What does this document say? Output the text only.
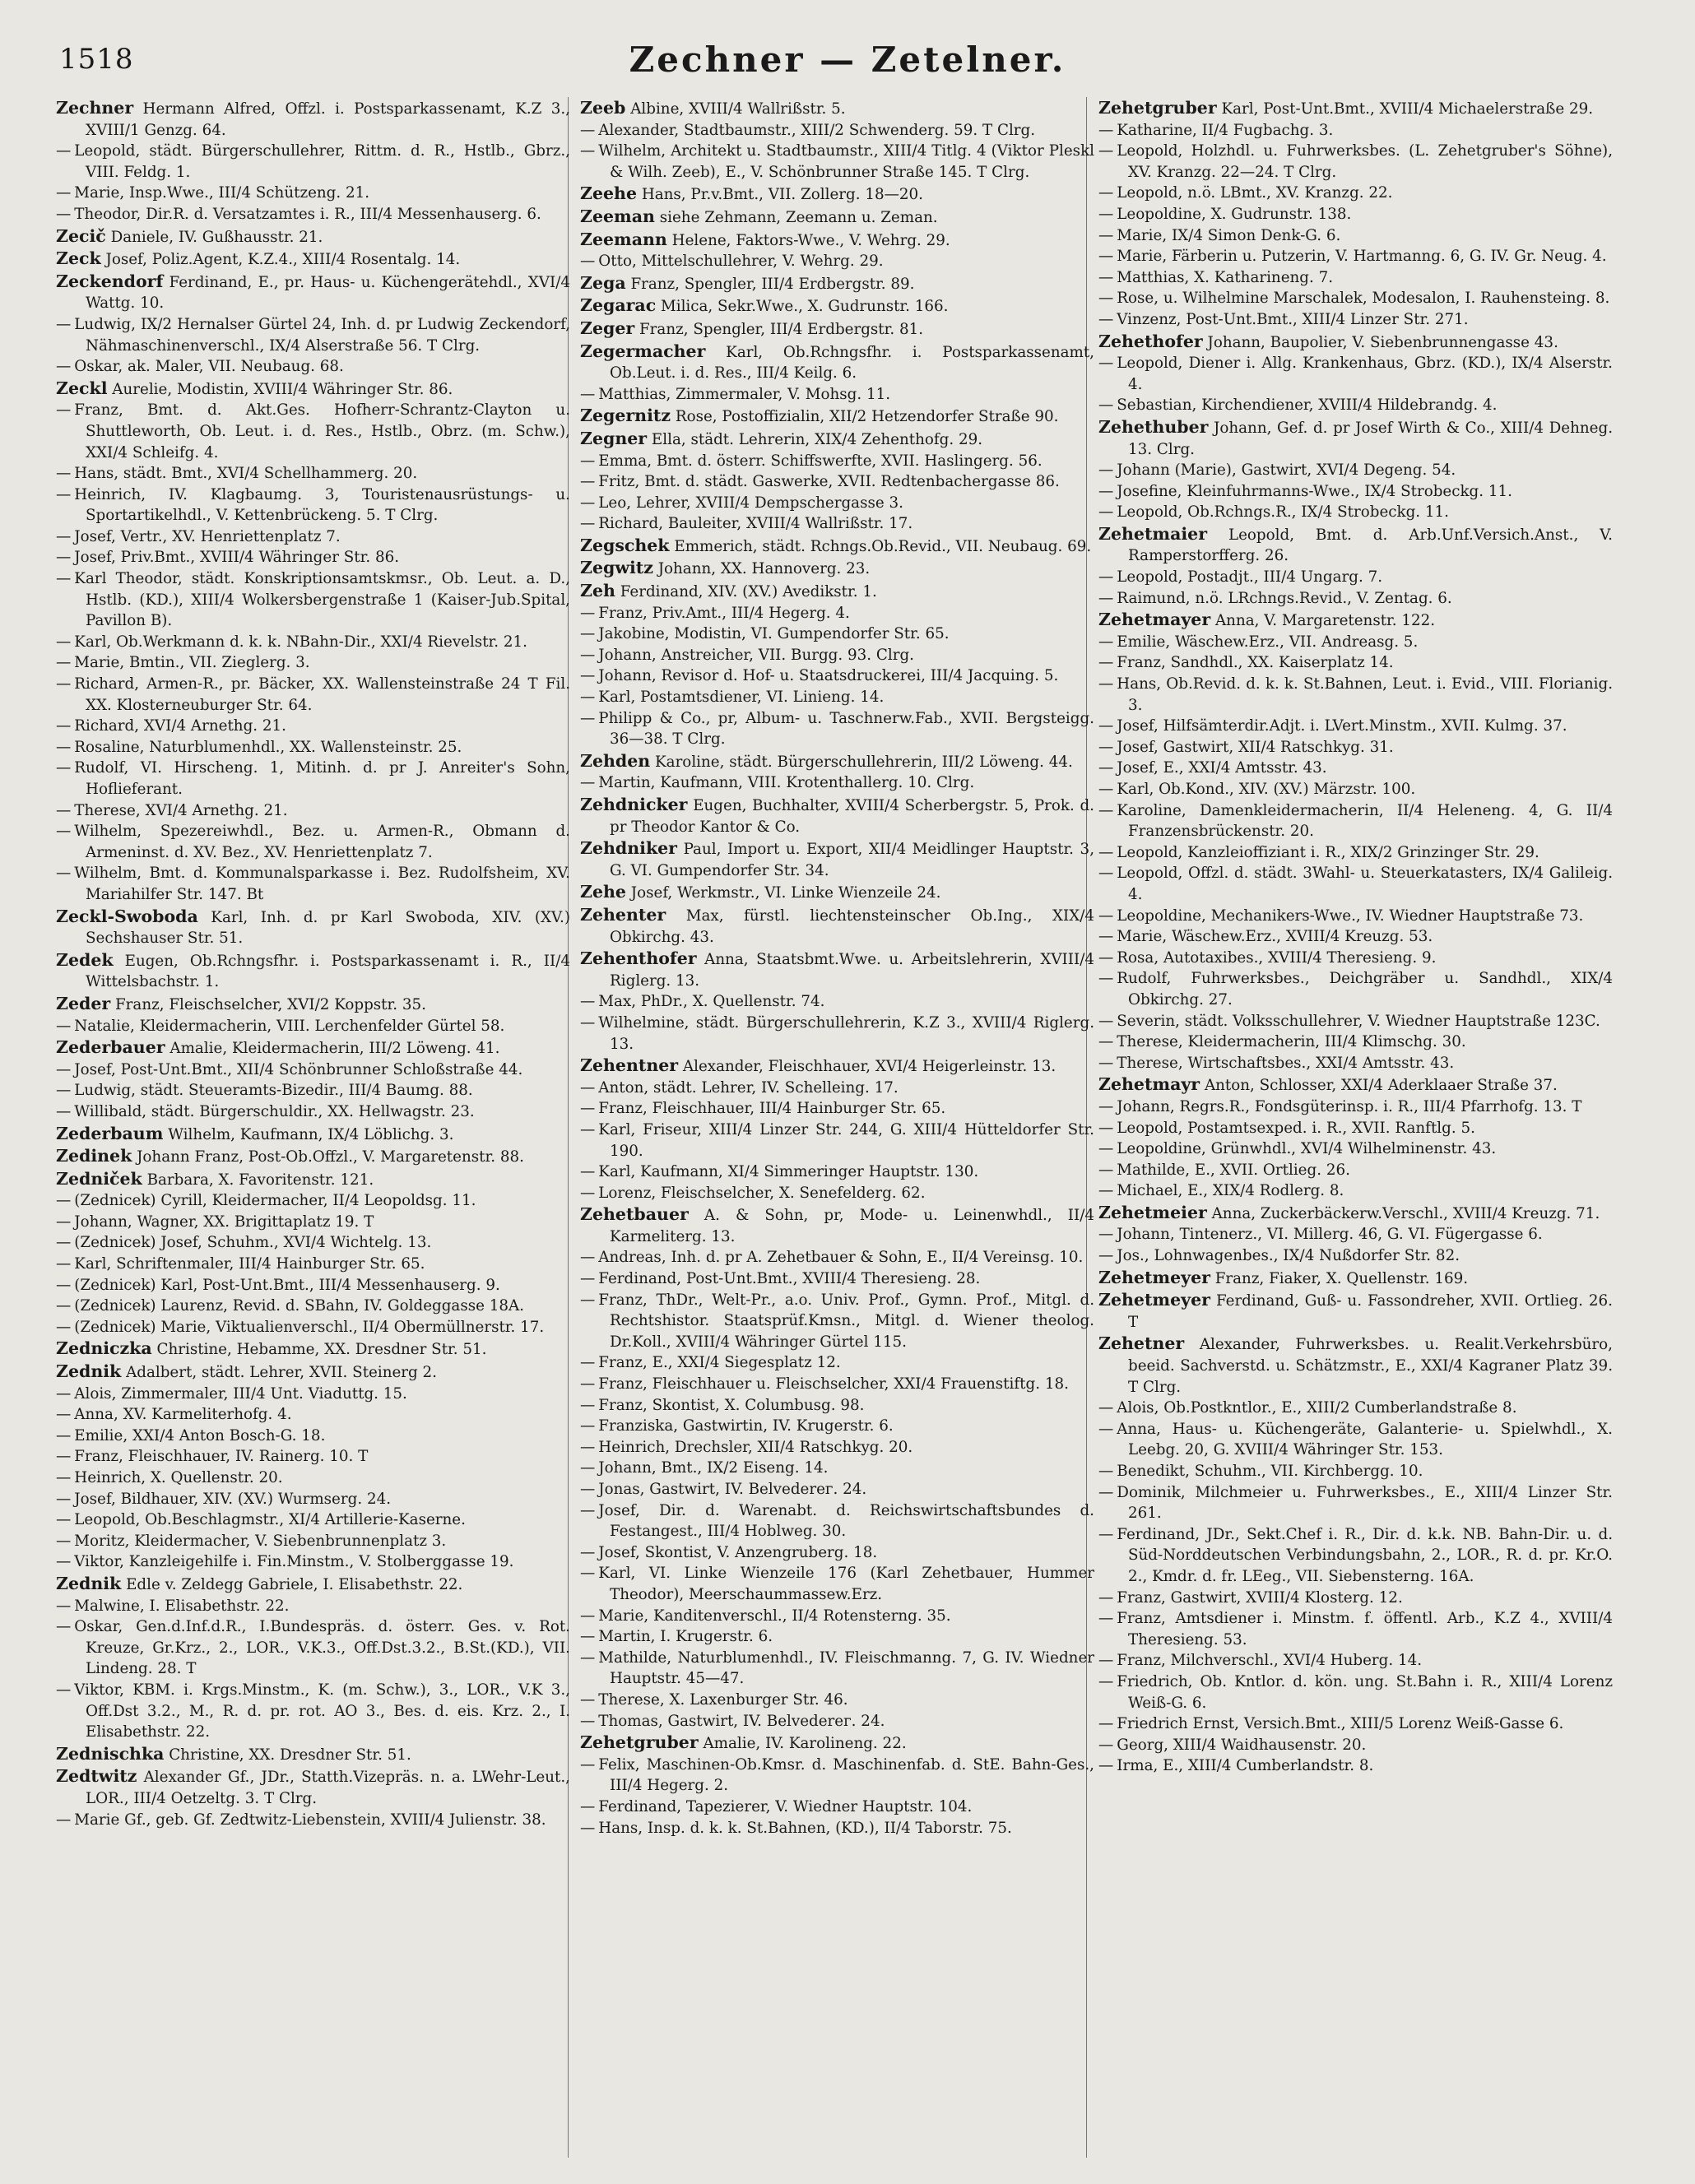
1518	Zechner — Zetelner.

Zechner Hermann Alfred, Offzl. i. Postsparkassenamt, K.Z 3., XVIII/1 Genzg. 64.

— Leopold, städt. Bürgerschullehrer, Rittm. d. R., Hstlb., Gbrz., VIII. Feldg. 1.

— Marie, Insp.Wwe., III/4 Schützeng. 21.

— Theodor, Dir.R. d. Versatzamtes i. R., III/4 Messenhauserg. 6.

Zecič Daniele, IV. Gußhausstr. 21.

Zeck Josef, Poliz.Agent, K.Z.4., XIII/4 Rosentalg. 14.

Zeckendorf Ferdinand, E., pr. Haus- u. Küchengerätehdl., XVI/4 Wattg. 10.

— Ludwig, IX/2 Hernalser Gürtel 24, Inh. d. pr Ludwig Zeckendorf, Nähmaschinenverschl., IX/4 Alserstraße 56. T Clrg.

— Oskar, ak. Maler, VII. Neubaug. 68.

Zeckl Aurelie, Modistin, XVIII/4 Währinger Str. 86.

— Franz, Bmt. d. Akt.Ges. Hofherr-Schrantz-Clayton u. Shuttleworth, Ob. Leut. i. d. Res., Hstlb., Obrz. (m. Schw.), XXI/4 Schleifg. 4.

— Hans, städt. Bmt., XVI/4 Schellhammerg. 20.

— Heinrich, IV. Klagbaumg. 3, Touristenausrüstungs- u. Sportartikelhdl., V. Kettenbrückeng. 5. T Clrg.

— Josef, Vertr., XV. Henriettenplatz 7.

— Josef, Priv.Bmt., XVIII/4 Währinger Str. 86.

— Karl Theodor, städt. Konskriptionsamtskmsr., Ob. Leut. a. D., Hstlb. (KD.), XIII/4 Wolkersbergenstraße 1 (Kaiser-Jub.Spital, Pavillon B).

— Karl, Ob.Werkmann d. k. k. NBahn-Dir., XXI/4 Rievelstr. 21.

— Marie, Bmtin., VII. Zieglerg. 3.

— Richard, Armen-R., pr. Bäcker, XX. Wallensteinstraße 24 T Fil. XX. Klosterneuburger Str. 64.

— Richard, XVI/4 Arnethg. 21.

— Rosaline, Naturblumenhdl., XX. Wallensteinstr. 25.

— Rudolf, VI. Hirscheng. 1, Mitinh. d. pr J. Anreiter's Sohn, Hoflieferant.

— Therese, XVI/4 Arnethg. 21.

— Wilhelm, Spezereiwhdl., Bez. u. Armen-R., Obmann d. Armeninst. d. XV. Bez., XV. Henriettenplatz 7.

— Wilhelm, Bmt. d. Kommunalsparkasse i. Bez. Rudolfsheim, XV. Mariahilfer Str. 147. Bt

Zeckl-Swoboda Karl, Inh. d. pr Karl Swoboda, XIV. (XV.) Sechshauser Str. 51.

Zedek Eugen, Ob.Rchngsfhr. i. Postsparkassenamt i. R., II/4 Wittelsbachstr. 1.

Zeder Franz, Fleischselcher, XVI/2 Koppstr. 35.

— Natalie, Kleidermacherin, VIII. Lerchenfelder Gürtel 58.

Zederbauer Amalie, Kleidermacherin, III/2 Löweng. 41.

— Josef, Post-Unt.Bmt., XII/4 Schönbrunner Schloßstraße 44.

— Ludwig, städt. Steueramts-Bizedir., III/4 Baumg. 88.

— Willibald, städt. Bürgerschuldir., XX. Hellwagstr. 23.

Zederbaum Wilhelm, Kaufmann, IX/4 Löblichg. 3.

Zedinek Johann Franz, Post-Ob.Offzl., V. Margaretenstr. 88.

Zedniček Barbara, X. Favoritenstr. 121.

— (Zednicek) Cyrill, Kleidermacher, II/4 Leopoldsg. 11.

— Johann, Wagner, XX. Brigittaplatz 19. T

— (Zednicek) Josef, Schuhm., XVI/4 Wichtelg. 13.

— Karl, Schriftenmaler, III/4 Hainburger Str. 65.

— (Zednicek) Karl, Post-Unt.Bmt., III/4 Messenhauserg. 9.

— (Zednicek) Laurenz, Revid. d. SBahn, IV. Goldeggasse 18A.

— (Zednicek) Marie, Viktualienverschl., II/4 Obermüllnerstr. 17.

Zedniczka Christine, Hebamme, XX. Dresdner Str. 51.

Zednik Adalbert, städt. Lehrer, XVII. Steinerg 2.

— Alois, Zimmermaler, III/4 Unt. Viaduttg. 15.

— Anna, XV. Karmeliterhofg. 4.

— Emilie, XXI/4 Anton Bosch-G. 18.

— Franz, Fleischhauer, IV. Rainerg. 10. T

— Heinrich, X. Quellenstr. 20.

— Josef, Bildhauer, XIV. (XV.) Wurmserg. 24.

— Leopold, Ob.Beschlagmstr., XI/4 Artillerie-Kaserne.

— Moritz, Kleidermacher, V. Siebenbrunnenplatz 3.

— Viktor, Kanzleigehilfe i. Fin.Minstm., V. Stolberggasse 19.

Zednik Edle v. Zeldegg Gabriele, I. Elisabethstr. 22.

— Malwine, I. Elisabethstr. 22.

— Oskar, Gen.d.Inf.d.R., I.Bundespräs. d. österr. Ges. v. Rot. Kreuze, Gr.Krz., 2., LOR., V.K.3., Off.Dst.3.2., B.St.(KD.), VII. Lindeng. 28. T

— Viktor, KBM. i. Krgs.Minstm., K. (m. Schw.), 3., LOR., V.K 3., Off.Dst 3.2., M., R. d. pr. rot. AO 3., Bes. d. eis. Krz. 2., I. Elisabethstr. 22.

Zednischka Christine, XX. Dresdner Str. 51.

Zedtwitz Alexander Gf., JDr., Statth.Vizepräs. n. a. LWehr-Leut., LOR., III/4 Oetzeltg. 3. T Clrg.

— Marie Gf., geb. Gf. Zedtwitz-Liebenstein, XVIII/4 Julienstr. 38.

Zeeb Albine, XVIII/4 Wallrißstr. 5.

— Alexander, Stadtbaumstr., XIII/2 Schwenderg. 59. T Clrg.

— Wilhelm, Architekt u. Stadtbaumstr., XIII/4 Titlg. 4 (Viktor Pleskl & Wilh. Zeeb), E., V. Schönbrunner Straße 145. T Clrg.

Zeehe Hans, Pr.v.Bmt., VII. Zollerg. 18—20.

Zeeman siehe Zehmann, Zeemann u. Zeman.

Zeemann Helene, Faktors-Wwe., V. Wehrg. 29.

— Otto, Mittelschullehrer, V. Wehrg. 29.

Zega Franz, Spengler, III/4 Erdbergstr. 89.

Zegarac Milica, Sekr.Wwe., X. Gudrunstr. 166.

Zeger Franz, Spengler, III/4 Erdbergstr. 81.

Zegermacher Karl, Ob.Rchngsfhr. i. Postsparkassenamt, Ob.Leut. i. d. Res., III/4 Keilg. 6.

— Matthias, Zimmermaler, V. Mohsg. 11.

Zegernitz Rose, Postoffizialin, XII/2 Hetzendorfer Straße 90.

Zegner Ella, städt. Lehrerin, XIX/4 Zehenthofg. 29.

— Emma, Bmt. d. österr. Schiffswerfte, XVII. Haslingerg. 56.

— Fritz, Bmt. d. städt. Gaswerke, XVII. Redtenbachergasse 86.

— Leo, Lehrer, XVIII/4 Dempschergasse 3.

— Richard, Bauleiter, XVIII/4 Wallrißstr. 17.

Zegschek Emmerich, städt. Rchngs.Ob.Revid., VII. Neubaug. 69.

Zegwitz Johann, XX. Hannoverg. 23.

Zeh Ferdinand, XIV. (XV.) Avedikstr. 1.

— Franz, Priv.Amt., III/4 Hegerg. 4.

— Jakobine, Modistin, VI. Gumpendorfer Str. 65.

— Johann, Anstreicher, VII. Burgg. 93. Clrg.

— Johann, Revisor d. Hof- u. Staatsdruckerei, III/4 Jacquing. 5.

— Karl, Postamtsdiener, VI. Linieng. 14.

— Philipp & Co., pr, Album- u. Taschnerw.Fab., XVII. Bergsteigg. 36—38. T Clrg.

Zehden Karoline, städt. Bürgerschullehrerin, III/2 Löweng. 44.

— Martin, Kaufmann, VIII. Krotenthallerg. 10. Clrg.

Zehdnicker Eugen, Buchhalter, XVIII/4 Scherbergstr. 5, Prok. d. pr Theodor Kantor & Co.

Zehdniker Paul, Import u. Export, XII/4 Meidlinger Hauptstr. 3, G. VI. Gumpendorfer Str. 34.

Zehe Josef, Werkmstr., VI. Linke Wienzeile 24.

Zehenter Max, fürstl. liechtensteinscher Ob.Ing., XIX/4 Obkirchg. 43.

Zehenthofer Anna, Staatsbmt.Wwe. u. Arbeitslehrerin, XVIII/4 Riglerg. 13.

— Max, PhDr., X. Quellenstr. 74.

— Wilhelmine, städt. Bürgerschullehrerin, K.Z 3., XVIII/4 Riglerg. 13.

Zehentner Alexander, Fleischhauer, XVI/4 Heigerleinstr. 13.

— Anton, städt. Lehrer, IV. Schelleing. 17.

— Franz, Fleischhauer, III/4 Hainburger Str. 65.

— Karl, Friseur, XIII/4 Linzer Str. 244, G. XIII/4 Hütteldorfer Str. 190.

— Karl, Kaufmann, XI/4 Simmeringer Hauptstr. 130.

— Lorenz, Fleischselcher, X. Senefelderg. 62.

Zehetbauer A. & Sohn, pr, Mode- u. Leinenwhdl., II/4 Karmeliterg. 13.

— Andreas, Inh. d. pr A. Zehetbauer & Sohn, E., II/4 Vereinsg. 10.

— Ferdinand, Post-Unt.Bmt., XVIII/4 Theresieng. 28.

— Franz, ThDr., Welt-Pr., a.o. Univ. Prof., Gymn. Prof., Mitgl. d. Rechtshistor. Staatsprüf.Kmsn., Mitgl. d. Wiener theolog. Dr.Koll., XVIII/4 Währinger Gürtel 115.

— Franz, E., XXI/4 Siegesplatz 12.

— Franz, Fleischhauer u. Fleischselcher, XXI/4 Frauenstiftg. 18.

— Franz, Skontist, X. Columbusg. 98.

— Franziska, Gastwirtin, IV. Krugerstr. 6.

— Heinrich, Drechsler, XII/4 Ratschkyg. 20.

— Johann, Bmt., IX/2 Eiseng. 14.

— Jonas, Gastwirt, IV. Belvederег. 24.

— Josef, Dir. d. Warenabt. d. Reichswirtschaftsbundes d. Festangest., III/4 Hoblweg. 30.

— Josef, Skontist, V. Anzengruberg. 18.

— Karl, VI. Linke Wienzeile 176 (Karl Zehetbauer, Hummer Theodor), Meerschaummassew.Erz.

— Marie, Kanditenverschl., II/4 Rotensterng. 35.

— Martin, I. Krugerstr. 6.

— Mathilde, Naturblumenhdl., IV. Fleischmanng. 7, G. IV. Wiedner Hauptstr. 45—47.

— Therese, X. Laxenburger Str. 46.

— Thomas, Gastwirt, IV. Belvederег. 24.

Zehetgruber Amalie, IV. Karolineng. 22.

— Felix, Maschinen-Ob.Kmsr. d. Maschinenfab. d. StE. Bahn-Ges., III/4 Hegerg. 2.

— Ferdinand, Tapezierer, V. Wiedner Hauptstr. 104.

— Hans, Insp. d. k. k. St.Bahnen, (KD.), II/4 Taborstr. 75.

Zehetgruber Karl, Post-Unt.Bmt., XVIII/4 Michaelerstraße 29.

— Katharine, II/4 Fugbachg. 3.

— Leopold, Holzhdl. u. Fuhrwerksbes. (L. Zehetgruber's Söhne), XV. Kranzg. 22—24. T Clrg.

— Leopold, n.ö. LBmt., XV. Kranzg. 22.

— Leopoldine, X. Gudrunstr. 138.

— Marie, IX/4 Simon Denk-G. 6.

— Marie, Färberin u. Putzerin, V. Hartmanng. 6, G. IV. Gr. Neug. 4.

— Matthias, X. Katharineng. 7.

— Rose, u. Wilhelmine Marschalek, Modesalon, I. Rauhensteing. 8.

— Vinzenz, Post-Unt.Bmt., XIII/4 Linzer Str. 271.

Zehethofer Johann, Baupolier, V. Siebenbrunnengasse 43.

— Leopold, Diener i. Allg. Krankenhaus, Gbrz. (KD.), IX/4 Alserstr. 4.

— Sebastian, Kirchendiener, XVIII/4 Hildebrandg. 4.

Zehethuber Johann, Gef. d. pr Josef Wirth & Co., XIII/4 Dehneg. 13. Clrg.

— Johann (Marie), Gastwirt, XVI/4 Degeng. 54.

— Josefine, Kleinfuhrmanns-Wwe., IX/4 Strobeckg. 11.

— Leopold, Ob.Rchngs.R., IX/4 Strobeckg. 11.

Zehetmaier Leopold, Bmt. d. Arb.Unf.Versich.Anst., V. Ramperstorfferg. 26.

— Leopold, Postadjt., III/4 Ungarg. 7.

— Raimund, n.ö. LRchngs.Revid., V. Zentag. 6.

Zehetmayer Anna, V. Margaretenstr. 122.

— Emilie, Wäschew.Erz., VII. Andreasg. 5.

— Franz, Sandhdl., XX. Kaiserplatz 14.

— Hans, Ob.Revid. d. k. k. St.Bahnen, Leut. i. Evid., VIII. Florianig. 3.

— Josef, Hilfsämterdir.Adjt. i. LVert.Minstm., XVII. Kulmg. 37.

— Josef, Gastwirt, XII/4 Ratschkyg. 31.

— Josef, E., XXI/4 Amtsstr. 43.

— Karl, Ob.Kond., XIV. (XV.) Märzstr. 100.

— Karoline, Damenkleidermacherin, II/4 Heleneng. 4, G. II/4 Franzensbrückenstr. 20.

— Leopold, Kanzleioffiziant i. R., XIX/2 Grinzinger Str. 29.

— Leopold, Offzl. d. städt. 3Wahl- u. Steuerkatasters, IX/4 Galileig. 4.

— Leopoldine, Mechanikers-Wwe., IV. Wiedner Hauptstraße 73.

— Marie, Wäschew.Erz., XVIII/4 Kreuzg. 53.

— Rosa, Autotaxibes., XVIII/4 Theresieng. 9.

— Rudolf, Fuhrwerksbes., Deichgräber u. Sandhdl., XIX/4 Obkirchg. 27.

— Severin, städt. Volksschullehrer, V. Wiedner Hauptstraße 123C.

— Therese, Kleidermacherin, III/4 Klimschg. 30.

— Therese, Wirtschaftsbes., XXI/4 Amtsstr. 43.

Zehetmayr Anton, Schlosser, XXI/4 Aderklaaer Straße 37.

— Johann, Regrs.R., Fondsgüterinsp. i. R., III/4 Pfarrhofg. 13. T

— Leopold, Postamtsexped. i. R., XVII. Ranftlg. 5.

— Leopoldine, Grünwhdl., XVI/4 Wilhelminenstr. 43.

— Mathilde, E., XVII. Ortlieg. 26.

— Michael, E., XIX/4 Rodlerg. 8.

Zehetmeier Anna, Zuckerbäckerw.Verschl., XVIII/4 Kreuzg. 71.

— Johann, Tintenerz., VI. Millerg. 46, G. VI. Fügergasse 6.

— Jos., Lohnwagenbes., IX/4 Nußdorfer Str. 82.

Zehetmeyer Franz, Fiaker, X. Quellenstr. 169.

Zehetmeyer Ferdinand, Guß- u. Fassondreher, XVII. Ortlieg. 26. T

Zehetner Alexander, Fuhrwerksbes. u. Realit.Verkehrsbüro, beeid. Sachverstd. u. Schätzmstr., E., XXI/4 Kagraner Platz 39. T Clrg.

— Alois, Ob.Postkntlor., E., XIII/2 Cumberlandstraße 8.

— Anna, Haus- u. Küchengeräte, Galanterie- u. Spielwhdl., X. Leebg. 20, G. XVIII/4 Währinger Str. 153.

— Benedikt, Schuhm., VII. Kirchbergg. 10.

— Dominik, Milchmeier u. Fuhrwerksbes., E., XIII/4 Linzer Str. 261.

— Ferdinand, JDr., Sekt.Chef i. R., Dir. d. k.k. NB. Bahn-Dir. u. d. Süd-Norddeutschen Verbindungsbahn, 2., LOR., R. d. pr. Kr.O. 2., Kmdr. d. fr. LEeg., VII. Siebensterng. 16A.

— Franz, Gastwirt, XVIII/4 Klosterg. 12.

— Franz, Amtsdiener i. Minstm. f. öffentl. Arb., K.Z 4., XVIII/4 Theresieng. 53.

— Franz, Milchverschl., XVI/4 Huberg. 14.

— Friedrich, Ob. Kntlor. d. kön. ung. St.Bahn i. R., XIII/4 Lorenz Weiß-G. 6.

— Friedrich Ernst, Versich.Bmt., XIII/5 Lorenz Weiß-Gasse 6.

— Georg, XIII/4 Waidhausenstr. 20.

— Irma, E., XIII/4 Cumberlandstr. 8.
